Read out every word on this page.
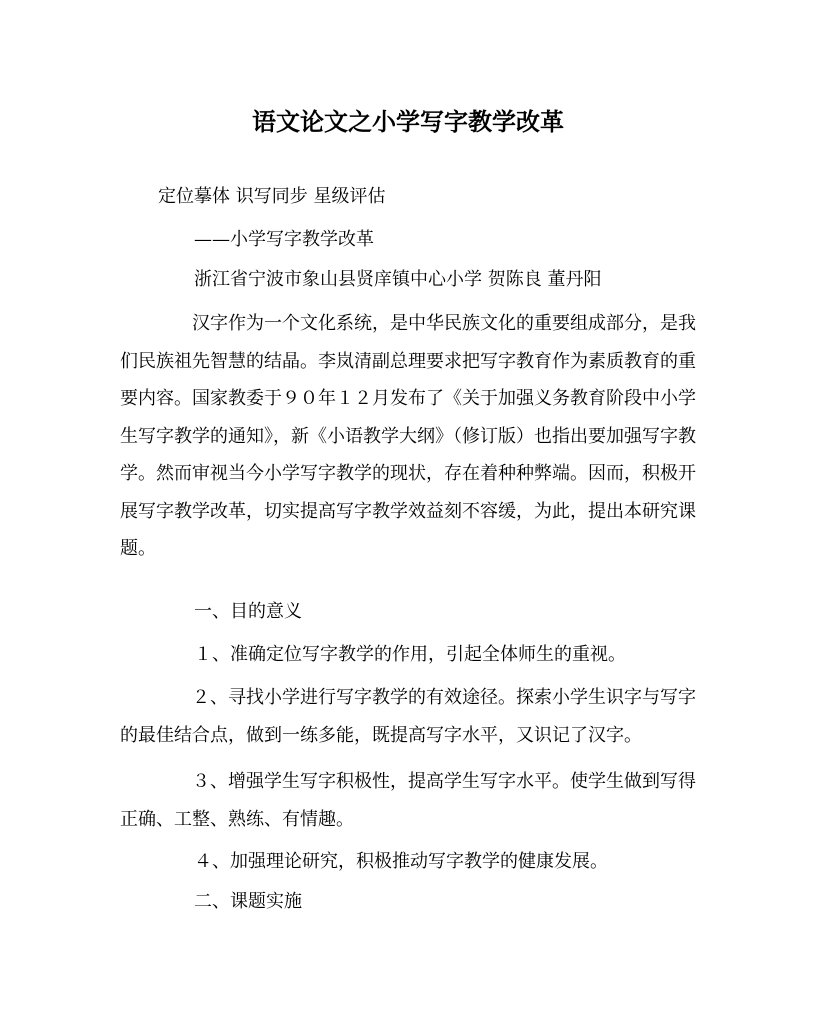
语文论文之小学写字教学改革

定位摹体 识写同步 星级评估

——小学写字教学改革

浙江省宁波市象山县贤庠镇中心小学 贺陈良 董丹阳

汉字作为一个文化系统，是中华民族文化的重要组成部分，是我们民族祖先智慧的结晶。李岚清副总理要求把写字教育作为素质教育的重要内容。国家教委于９０年１２月发布了《关于加强义务教育阶段中小学生写字教学的通知》，新《小语教学大纲》（修订版）也指出要加强写字教学。然而审视当今小学写字教学的现状，存在着种种弊端。因而，积极开展写字教学改革，切实提高写字教学效益刻不容缓，为此，提出本研究课题。

一、目的意义

１、准确定位写字教学的作用，引起全体师生的重视。

２、寻找小学进行写字教学的有效途径。探索小学生识字与写字的最佳结合点，做到一练多能，既提高写字水平，又识记了汉字。

３、增强学生写字积极性，提高学生写字水平。使学生做到写得正确、工整、熟练、有情趣。

４、加强理论研究，积极推动写字教学的健康发展。

二、课题实施
